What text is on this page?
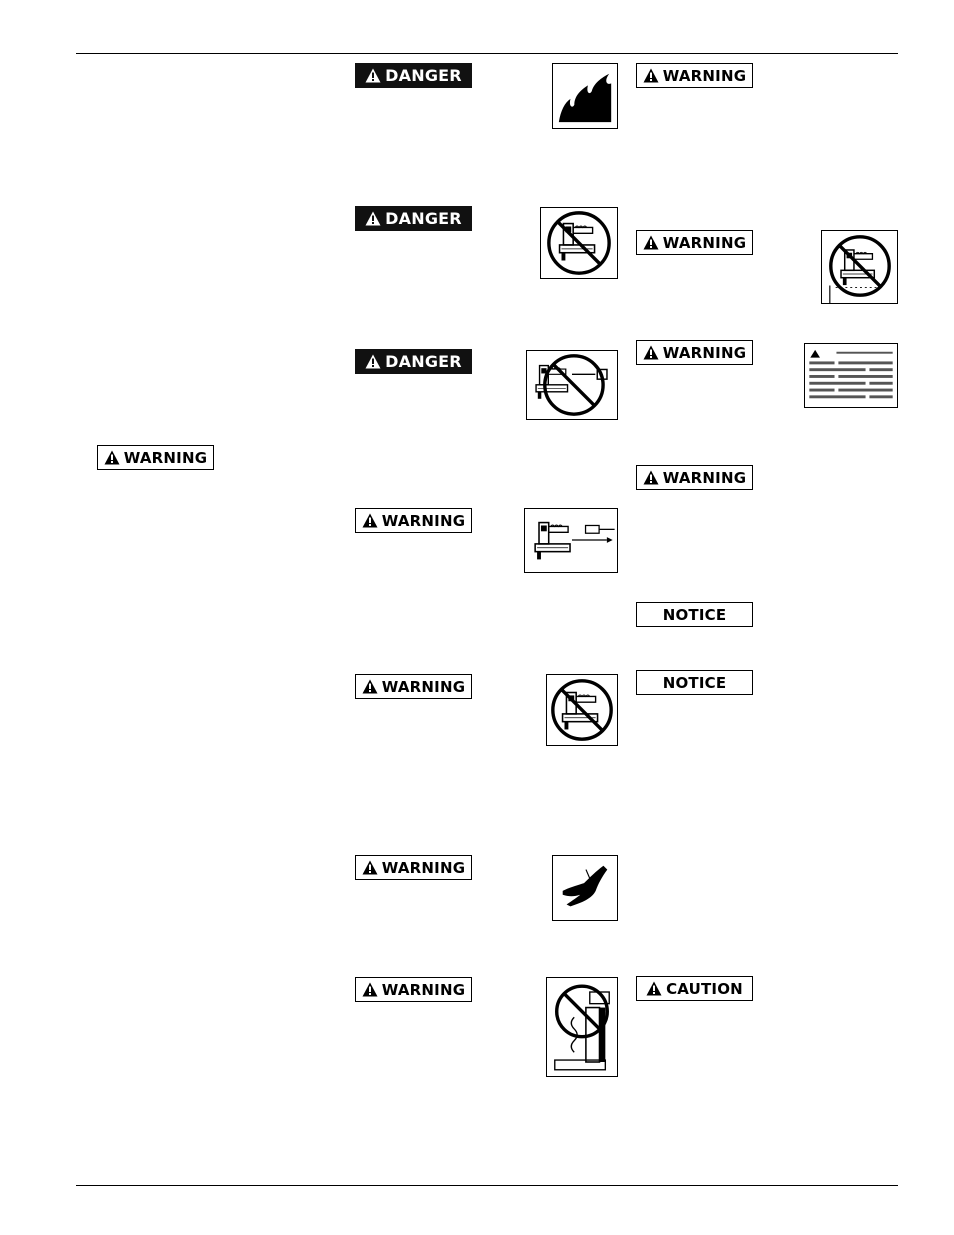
WARNING
DANGER
DANGER
DANGER
WARNING
WARNING
WARNING
WARNING
WARNING
WARNING
WARNING
WARNING
NOTICE
NOTICE
CAUTION
